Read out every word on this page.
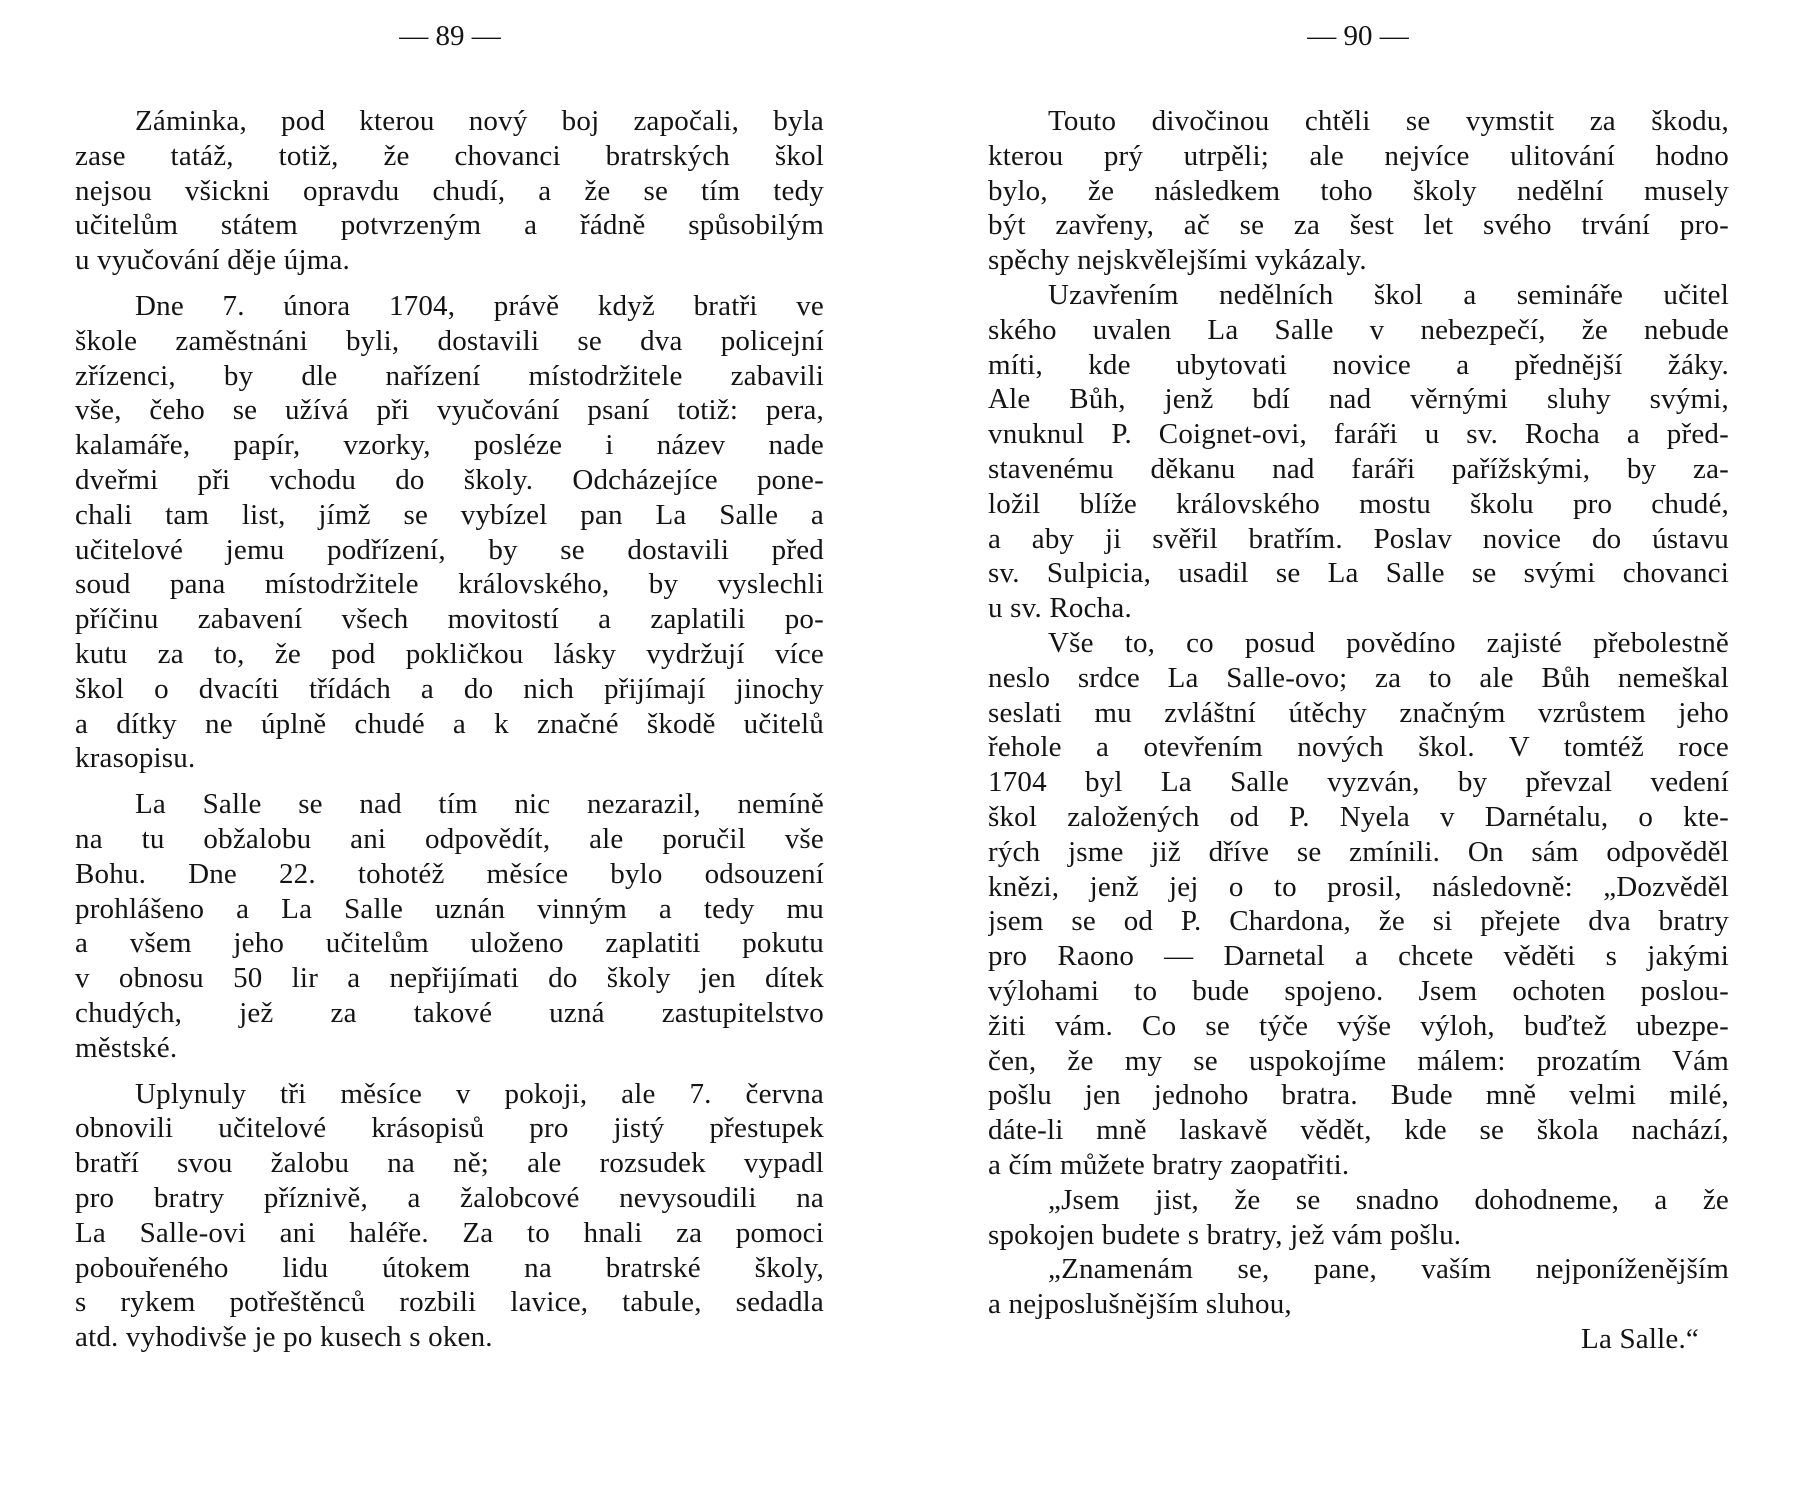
— 89 —	— 90 —
Záminka, pod kterou nový boj započali, byla
zase tatáž, totiž, že chovanci bratrských škol
nejsou všickni opravdu chudí, a že se tím tedy
učitelům státem potvrzeným a řádně spůsobilým
u vyučování děje újma.
Dne 7. února 1704, právě když bratři ve
škole zaměstnáni byli, dostavili se dva policejní
zřízenci, by dle nařízení místodržitele zabavili
vše, čeho se užívá při vyučování psaní totiž: pera,
kalamáře, papír, vzorky, posléze i název nade
dveřmi při vchodu do školy. Odcházejíce pone-
chali tam list, jímž se vybízel pan La Salle a
učitelové jemu podřízení, by se dostavili před
soud pana místodržitele královského, by vyslechli
příčinu zabavení všech movitostí a zaplatili po-
kutu za to, že pod pokličkou lásky vydržují více
škol o dvacíti třídách a do nich přijímají jinochy
a dítky ne úplně chudé a k značné škodě učitelů
krasopisu.
La Salle se nad tím nic nezarazil, nemíně
na tu obžalobu ani odpovědít, ale poručil vše
Bohu. Dne 22. tohotéž měsíce bylo odsouzení
prohlášeno a La Salle uznán vinným a tedy mu
a všem jeho učitelům uloženo zaplatiti pokutu
v obnosu 50 lir a nepřijímati do školy jen dítek
chudých, jež za takové uzná zastupitelstvo
městské.
Uplynuly tři měsíce v pokoji, ale 7. června
obnovili učitelové krásopisů pro jistý přestupek
bratří svou žalobu na ně; ale rozsudek vypadl
pro bratry příznivě, a žalobcové nevysoudili na
La Salle-ovi ani haléře. Za to hnali za pomoci
pobouřeného lidu útokem na bratrské školy,
s rykem potřeštěnců rozbili lavice, tabule, sedadla
atd. vyhodivše je po kusech s oken.
Touto divočinou chtěli se vymstit za škodu,
kterou prý utrpěli; ale nejvíce ulitování hodno
bylo, že následkem toho školy nedělní musely
být zavřeny, ač se za šest let svého trvání pro-
spěchy nejskvělejšími vykázaly.
Uzavřením nedělních škol a semináře učitel
ského uvalen La Salle v nebezpečí, že nebude
míti, kde ubytovati novice a přednější žáky.
Ale Bůh, jenž bdí nad věrnými sluhy svými,
vnuknul P. Coignet-ovi, faráři u sv. Rocha a před-
stavenému děkanu nad faráři pařížskými, by za-
ložil blíže královského mostu školu pro chudé,
a aby ji svěřil bratřím. Poslav novice do ústavu
sv. Sulpicia, usadil se La Salle se svými chovanci
u sv. Rocha.
Vše to, co posud povědíno zajisté přebolestně
neslo srdce La Salle-ovo; za to ale Bůh nemeškal
seslati mu zvláštní útěchy značným vzrůstem jeho
řehole a otevřením nových škol. V tomtéž roce
1704 byl La Salle vyzván, by převzal vedení
škol založených od P. Nyela v Darnétalu, o kte-
rých jsme již dříve se zmínili. On sám odpověděl
knězi, jenž jej o to prosil, následovně: „Dozvěděl
jsem se od P. Chardona, že si přejete dva bratry
pro Raono — Darnetal a chcete věděti s jakými
výlohami to bude spojeno. Jsem ochoten poslou-
žiti vám. Co se týče výše výloh, buďtež ubezpe-
čen, že my se uspokojíme málem: prozatím Vám
pošlu jen jednoho bratra. Bude mně velmi milé,
dáte-li mně laskavě vědět, kde se škola nachází,
a čím můžete bratry zaopatřiti.
„Jsem jist, že se snadno dohodneme, a že
spokojen budete s bratry, jež vám pošlu.
„Znamenám se, pane, vaším nejponíženějším
a nejposlušnějším sluhou,
La Salle.“
